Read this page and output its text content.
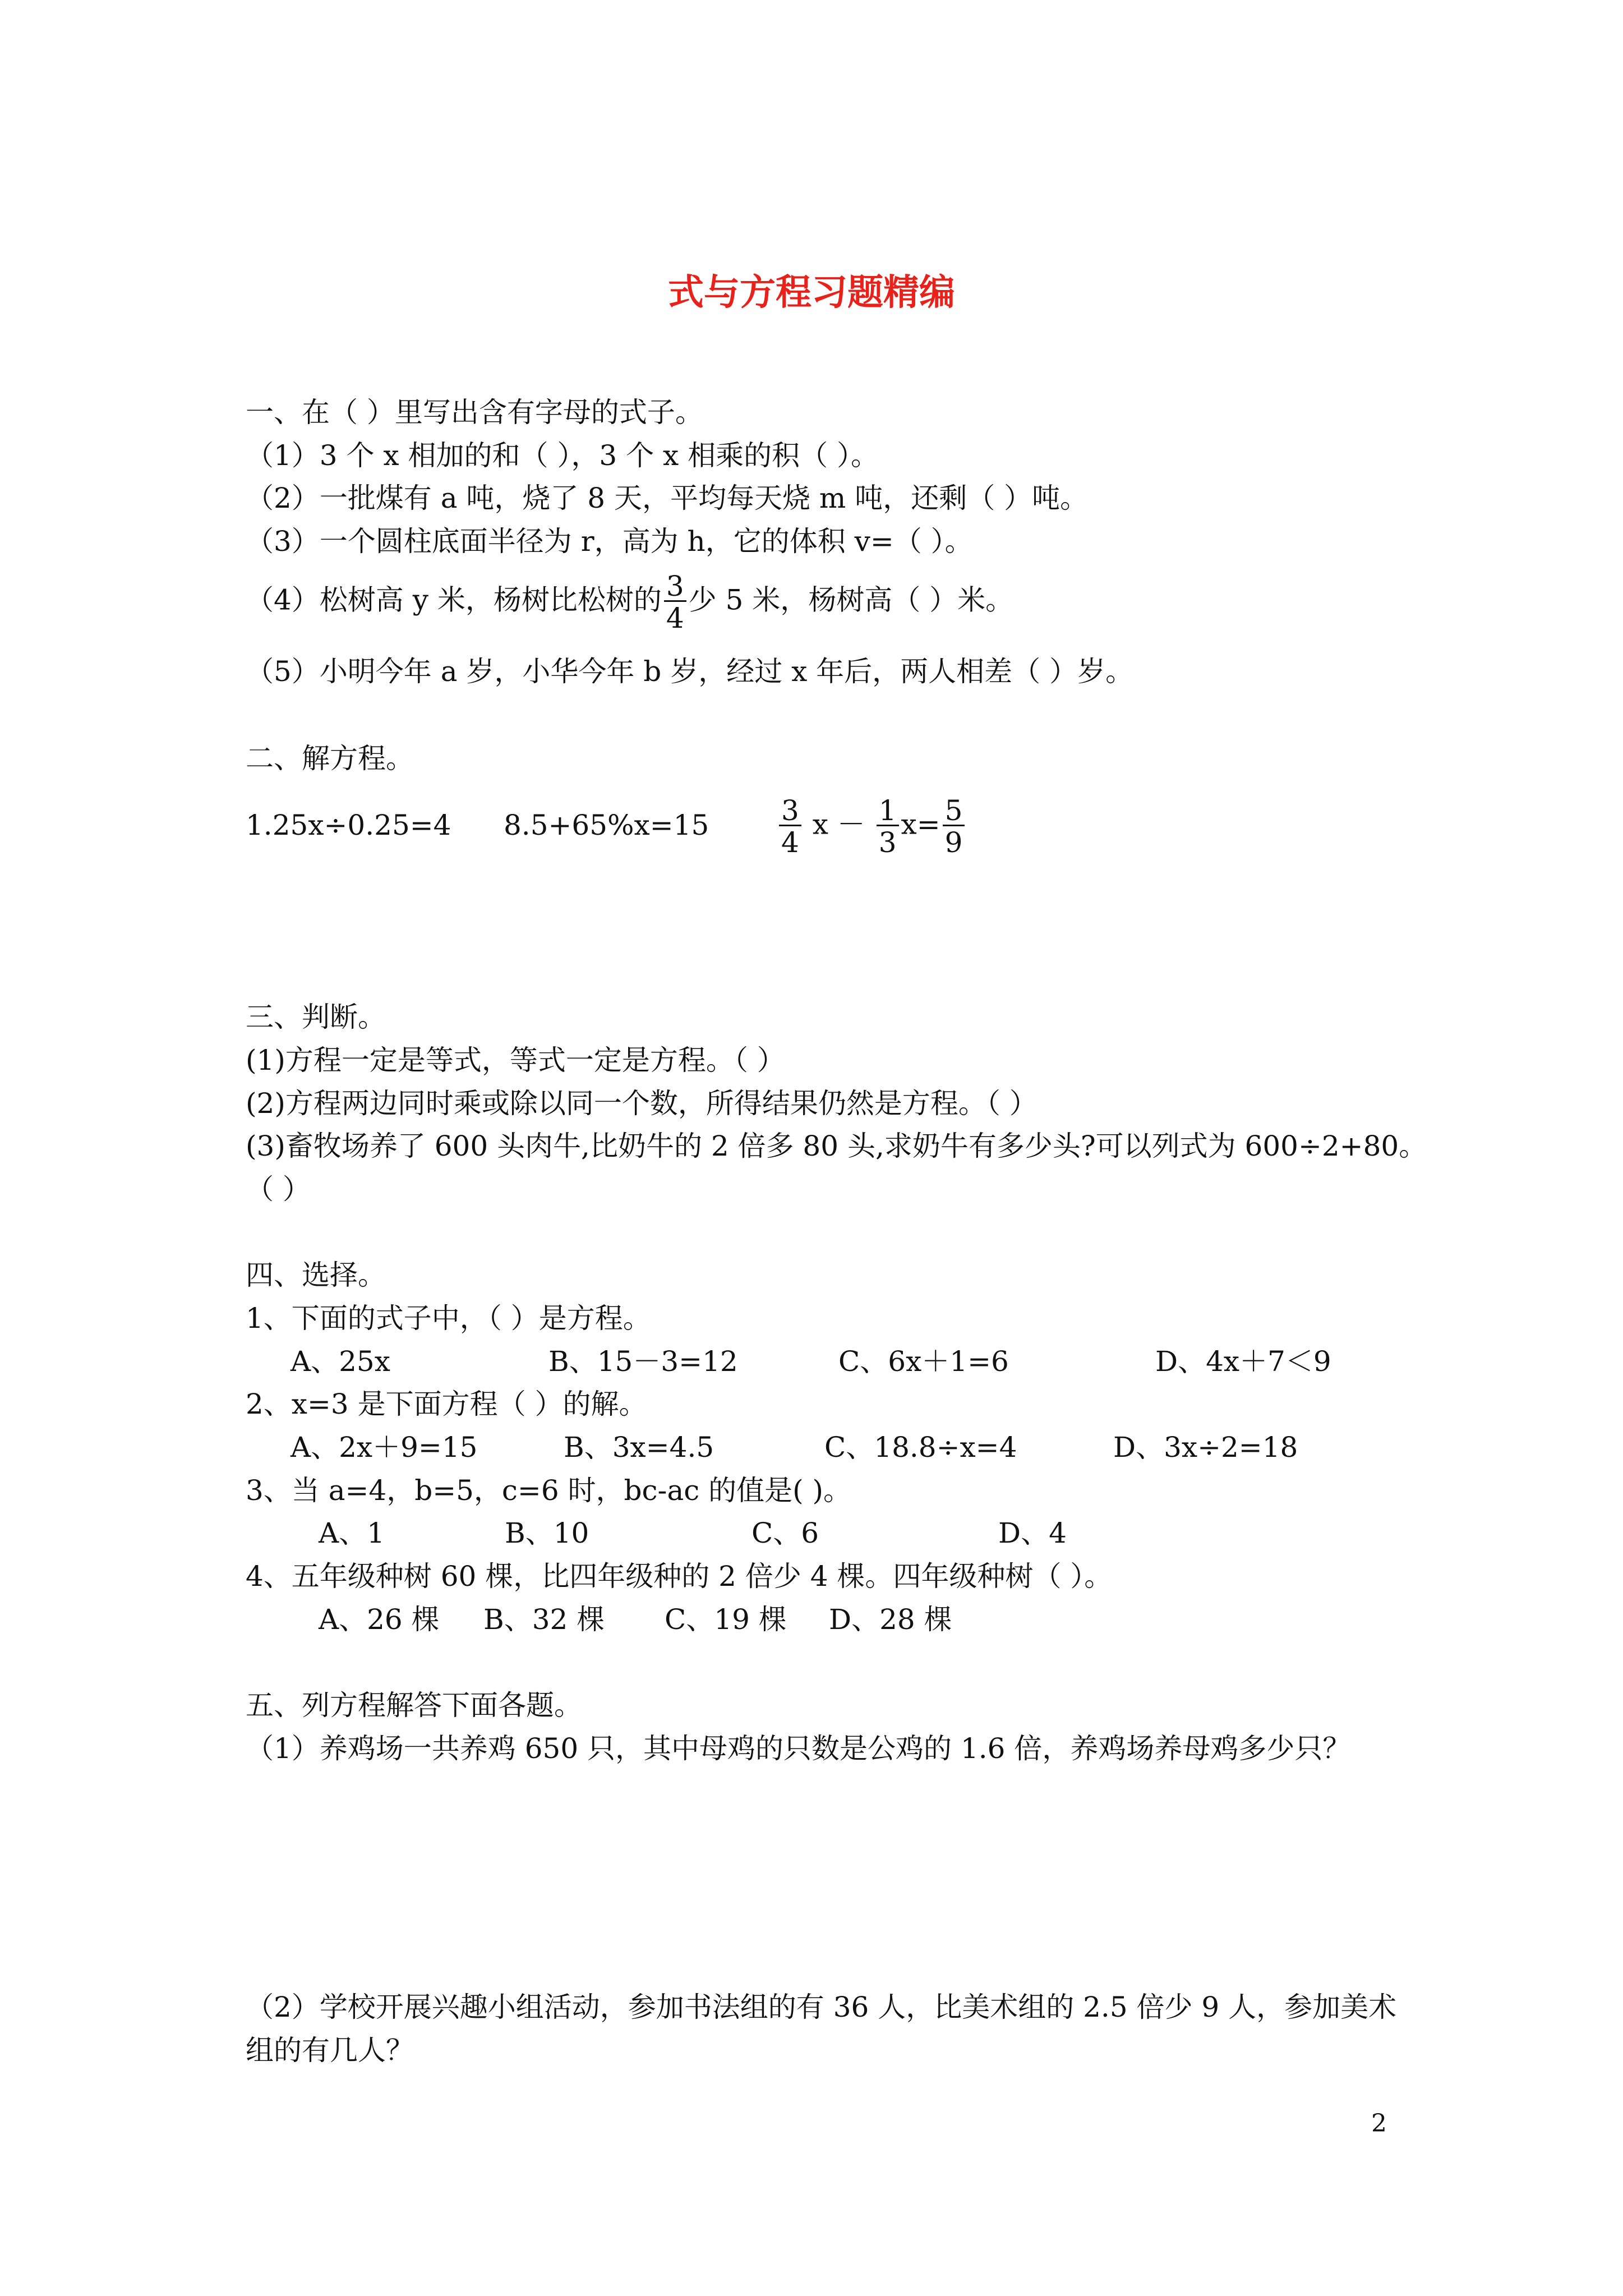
式与方程习题精编
一、在（ ）里写出含有字母的式子。
（1）3 个 x 相加的和（ ），3 个 x 相乘的积（ ）。
（2）一批煤有 a 吨，烧了 8 天，平均每天烧 m 吨，还剩（ ）吨。
（3）一个圆柱底面半径为 r，高为 h，它的体积 v=（ ）。
（4）松树高 y 米，杨树比松树的 $\frac{3}{4}$ 少 5 米，杨树高（ ）米。
（5）小明今年 a 岁，小华今年 b 岁，经过 x 年后，两人相差（ ）岁。
二、解方程。
1.25x÷0.25=4 $8.5+65\%x=15 \frac{3}{4}$ $x - \frac{1}{3} x= \frac{5}{9}$
三、判断。
(1)方程一定是等式，等式一定是方程。（ ）
(2)方程两边同时乘或除以同一个数，所得结果仍然是方程。（ ）
(3)畜牧场养了 600 头肉牛,比奶牛的 2 倍多 80 头,求奶牛有多少头?可以列式为 600÷2+80。
（ ）
四、选择。
1、下面的式子中，（ ）是方程。
A、25x	B、15－3=12	C、6x＋1=6	D、4x＋7＜9
2、x=3 是下面方程（ ）的解。
A、2x＋9=15	B、3x=4.5	C、18.8÷x=4	D、3x÷2=18
3、当 a=4，b=5，c=6 时，bc-ac 的值是( )。
A、1	B、10	C、6	D、4
4、五年级种树 60 棵，比四年级种的 2 倍少 4 棵。四年级种树（ ）。
A、26 棵 B、32 棵 C、19 棵 D、28 棵
五、列方程解答下面各题。
（1）养鸡场一共养鸡 650 只，其中母鸡的只数是公鸡的 1.6 倍，养鸡场养母鸡多少只？
（2）学校开展兴趣小组活动，参加书法组的有 36 人，比美术组的 2.5 倍少 9 人，参加美术
组的有几人？
2
